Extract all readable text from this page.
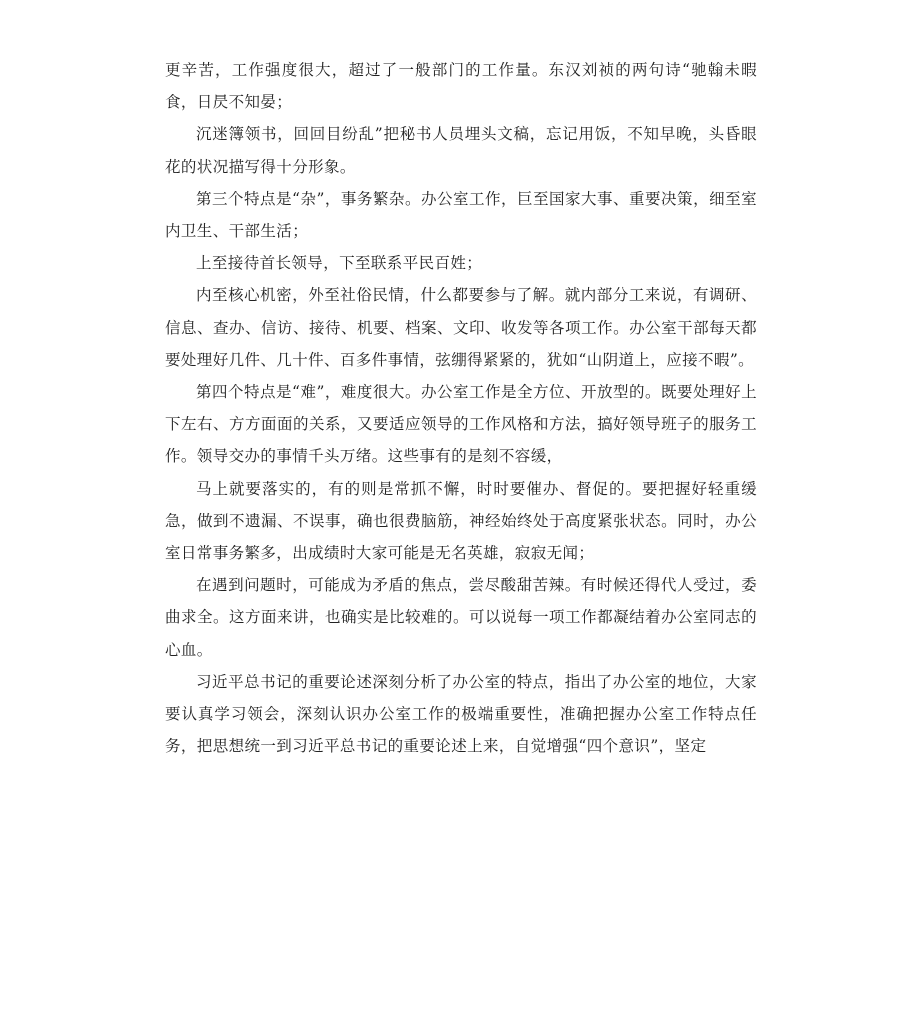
更辛苦，工作强度很大，超过了一般部门的工作量。东汉刘祯的两句诗“驰翰未暇食，日昃不知晏；

沉迷簿领书，回回目纷乱”把秘书人员埋头文稿，忘记用饭，不知早晚，头昏眼花的状况描写得十分形象。

第三个特点是“杂”，事务繁杂。办公室工作，巨至国家大事、重要决策，细至室内卫生、干部生活；

上至接待首长领导，下至联系平民百姓；

内至核心机密，外至社俗民情，什么都要参与了解。就内部分工来说，有调研、信息、查办、信访、接待、机要、档案、文印、收发等各项工作。办公室干部每天都要处理好几件、几十件、百多件事情，弦绷得紧紧的，犹如“山阴道上，应接不暇”。

第四个特点是“难”，难度很大。办公室工作是全方位、开放型的。既要处理好上下左右、方方面面的关系，又要适应领导的工作风格和方法，搞好领导班子的服务工作。领导交办的事情千头万绪。这些事有的是刻不容缓，

马上就要落实的，有的则是常抓不懈，时时要催办、督促的。要把握好轻重缓急，做到不遗漏、不误事，确也很费脑筋，神经始终处于高度紧张状态。同时，办公室日常事务繁多，出成绩时大家可能是无名英雄，寂寂无闻；

在遇到问题时，可能成为矛盾的焦点，尝尽酸甜苦辣。有时候还得代人受过，委曲求全。这方面来讲，也确实是比较难的。可以说每一项工作都凝结着办公室同志的心血。

习近平总书记的重要论述深刻分析了办公室的特点，指出了办公室的地位，大家要认真学习领会，深刻认识办公室工作的极端重要性，准确把握办公室工作特点任务，把思想统一到习近平总书记的重要论述上来，自觉增强“四个意识”，坚定
